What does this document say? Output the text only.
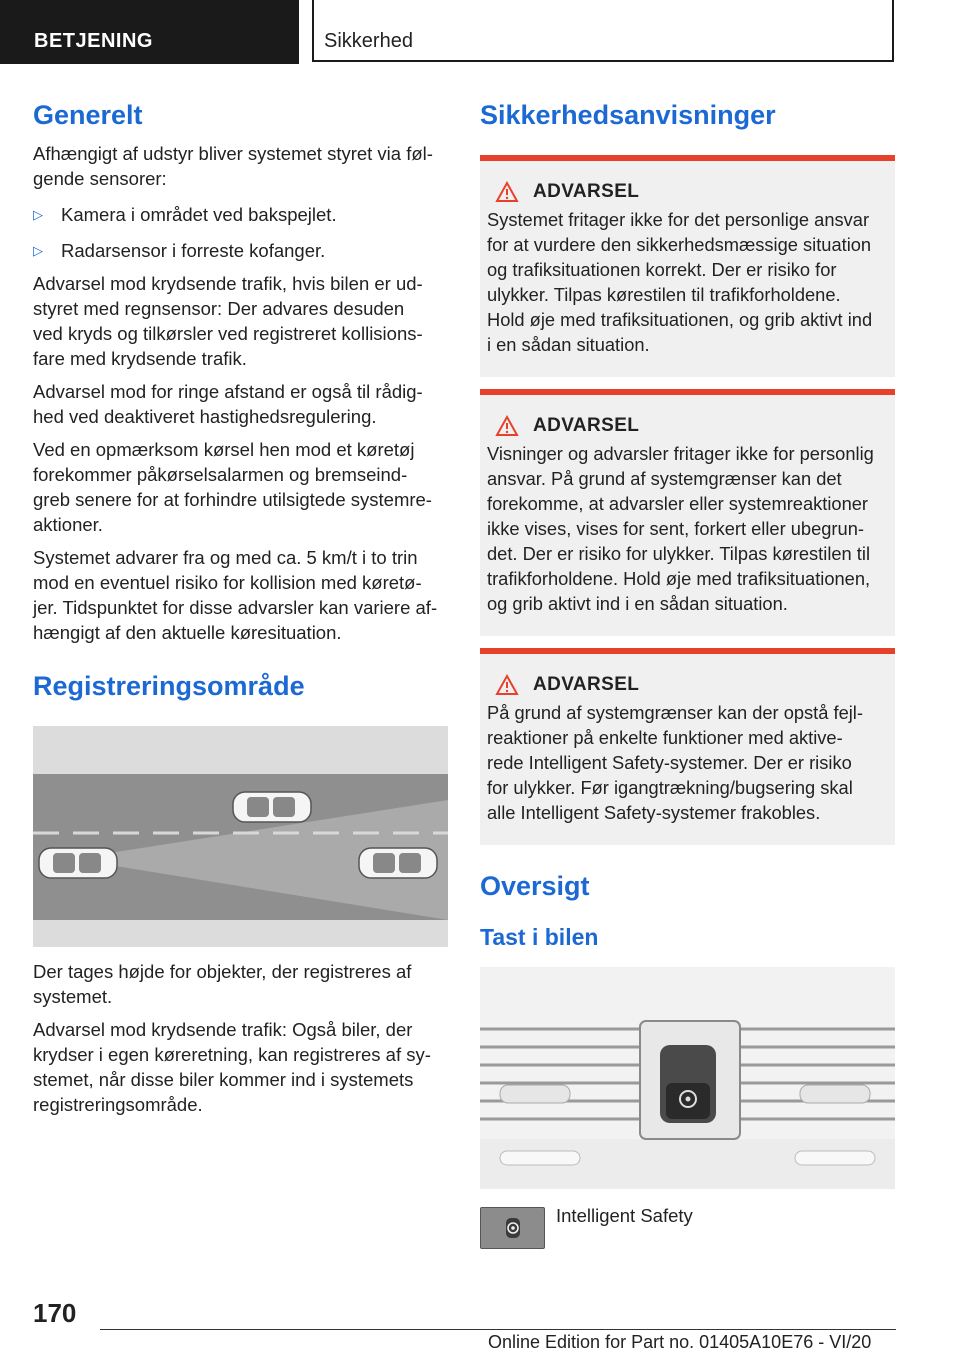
BETJENING	Sikkerhed
Generelt

Afhængigt af udstyr bliver systemet styret via føl-
gende sensorer:

▷ Kamera i området ved bakspejlet.
▷ Radarsensor i forreste kofanger.

Advarsel mod krydsende trafik, hvis bilen er ud-
styret med regnsensor: Der advares desuden
ved kryds og tilkørsler ved registreret kollisions-
fare med krydsende trafik.

Advarsel mod for ringe afstand er også til rådig-
hed ved deaktiveret hastighedsregulering.

Ved en opmærksom kørsel hen mod et køretøj
forekommer påkørselsalarmen og bremseind-
greb senere for at forhindre utilsigtede systemre-
aktioner.

Systemet advarer fra og med ca. 5 km/t i to trin
mod en eventuel risiko for kollision med køretø-
jer. Tidspunktet for disse advarsler kan variere af-
hængigt af den aktuelle køresituation.

Registreringsområde

Der tages højde for objekter, der registreres af
systemet.

Advarsel mod krydsende trafik: Også biler, der
krydser i egen køreretning, kan registreres af sy-
stemet, når disse biler kommer ind i systemets
registreringsområde.

Sikkerhedsanvisninger
ADVARSEL

Systemet fritager ikke for det personlige ansvar
for at vurdere den sikkerhedsmæssige situation
og trafiksituationen korrekt. Der er risiko for
ulykker. Tilpas kørestilen til trafikforholdene.
Hold øje med trafiksituationen, og grib aktivt ind
i en sådan situation.

ADVARSEL

Visninger og advarsler fritager ikke for personlig
ansvar. På grund af systemgrænser kan det
forekomme, at advarsler eller systemreaktioner
ikke vises, vises for sent, forkert eller ubegrun-
det. Der er risiko for ulykker. Tilpas kørestilen til
trafikforholdene. Hold øje med trafiksituationen,
og grib aktivt ind i en sådan situation.

ADVARSEL

På grund af systemgrænser kan der opstå fejl-
reaktioner på enkelte funktioner med aktive-
rede Intelligent Safety-systemer. Der er risiko
for ulykker. Før igangtrækning/bugsering skal
alle Intelligent Safety-systemer frakobles.

Oversigt
Tast i bilen
Intelligent Safety
170
Online Edition for Part no. 01405A10E76 - VI/20
